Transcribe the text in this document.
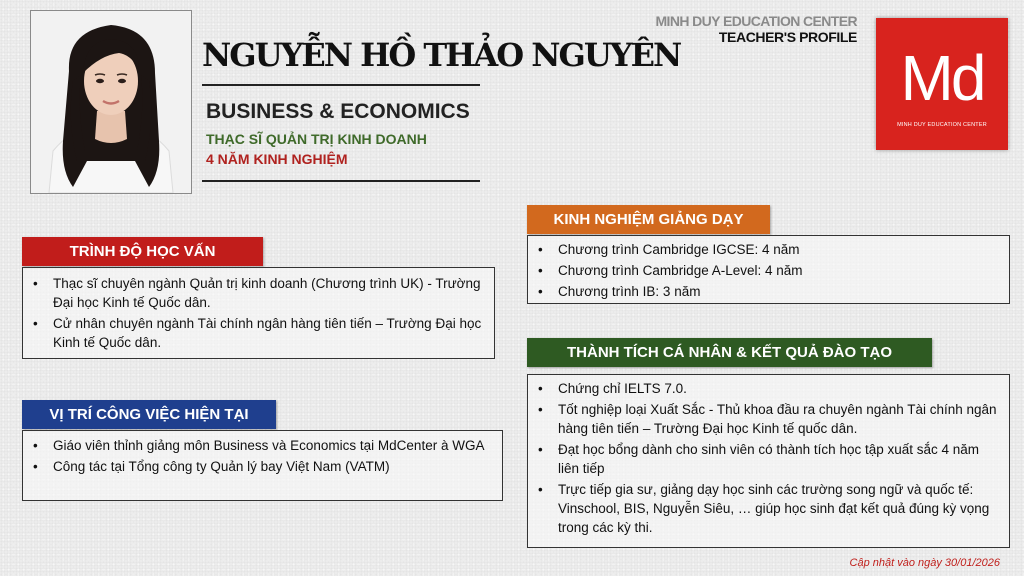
NGUYỄN HỒ THẢO NGUYÊN
BUSINESS & ECONOMICS
THẠC SĨ QUẢN TRỊ KINH DOANH
4 NĂM KINH NGHIỆM
MINH DUY EDUCATION CENTER
TEACHER'S PROFILE
Md
MINH DUY EDUCATION CENTER
TRÌNH ĐỘ HỌC VẤN
• Thạc sĩ chuyên ngành Quản trị kinh doanh (Chương trình UK) - Trường Đại học Kinh tế Quốc dân.
• Cử nhân chuyên ngành Tài chính ngân hàng tiên tiến – Trường Đại học Kinh tế Quốc dân.
VỊ TRÍ CÔNG VIỆC HIỆN TẠI
• Giáo viên thỉnh giảng môn Business và Economics tại MdCenter à WGA
• Công tác tại Tổng công ty Quản lý bay Việt Nam (VATM)
KINH NGHIỆM GIẢNG DẠY
• Chương trình Cambridge IGCSE: 4 năm
• Chương trình Cambridge A-Level: 4 năm
• Chương trình IB: 3 năm
THÀNH TÍCH CÁ NHÂN & KẾT QUẢ ĐÀO TẠO
• Chứng chỉ IELTS 7.0.
• Tốt nghiệp loại Xuất Sắc - Thủ khoa đầu ra chuyên ngành Tài chính ngân hàng tiên tiến – Trường Đại học Kinh tế quốc dân.
• Đạt học bổng dành cho sinh viên có thành tích học tập xuất sắc 4 năm liên tiếp
• Trực tiếp gia sư, giảng dạy học sinh các trường song ngữ và quốc tế: Vinschool, BIS, Nguyễn Siêu, … giúp học sinh đạt kết quả đúng kỳ vọng trong các kỳ thi.
Cập nhật vào ngày 30/01/2026
